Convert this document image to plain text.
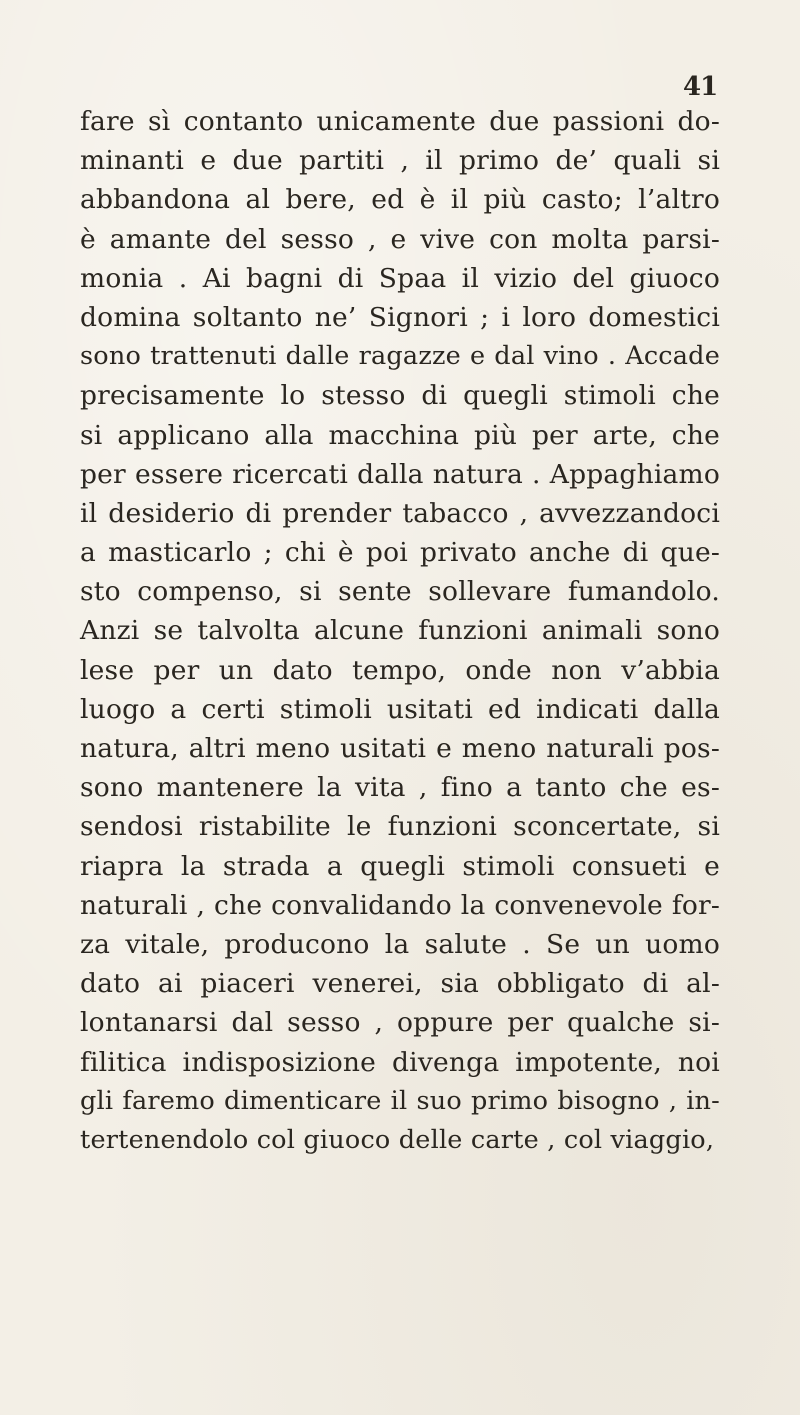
41
fare sì contanto unicamente due passioni do-
minanti e due partiti , il primo de’ quali si
abbandona al bere, ed è il più casto; l’altro
è amante del sesso , e vive con molta parsi-
monia . Ai bagni di Spaa il vizio del giuoco
domina soltanto ne’ Signori ; i loro domestici
sono trattenuti dalle ragazze e dal vino . Accade
precisamente lo stesso di quegli stimoli che
si applicano alla macchina più per arte, che
per essere ricercati dalla natura . Appaghiamo
il desiderio di prender tabacco , avvezzandoci
a masticarlo ; chi è poi privato anche di que-
sto compenso, si sente sollevare fumandolo.
Anzi se talvolta alcune funzioni animali sono
lese per un dato tempo, onde non v’abbia
luogo a certi stimoli usitati ed indicati dalla
natura, altri meno usitati e meno naturali pos-
sono mantenere la vita , fino a tanto che es-
sendosi ristabilite le funzioni sconcertate, si
riapra la strada a quegli stimoli consueti e
naturali , che convalidando la convenevole for-
za vitale, producono la salute . Se un uomo
dato ai piaceri venerei, sia obbligato di al-
lontanarsi dal sesso , oppure per qualche si-
filitica indisposizione divenga impotente, noi
gli faremo dimenticare il suo primo bisogno , in-
tertenendolo col giuoco delle carte , col viaggio,
